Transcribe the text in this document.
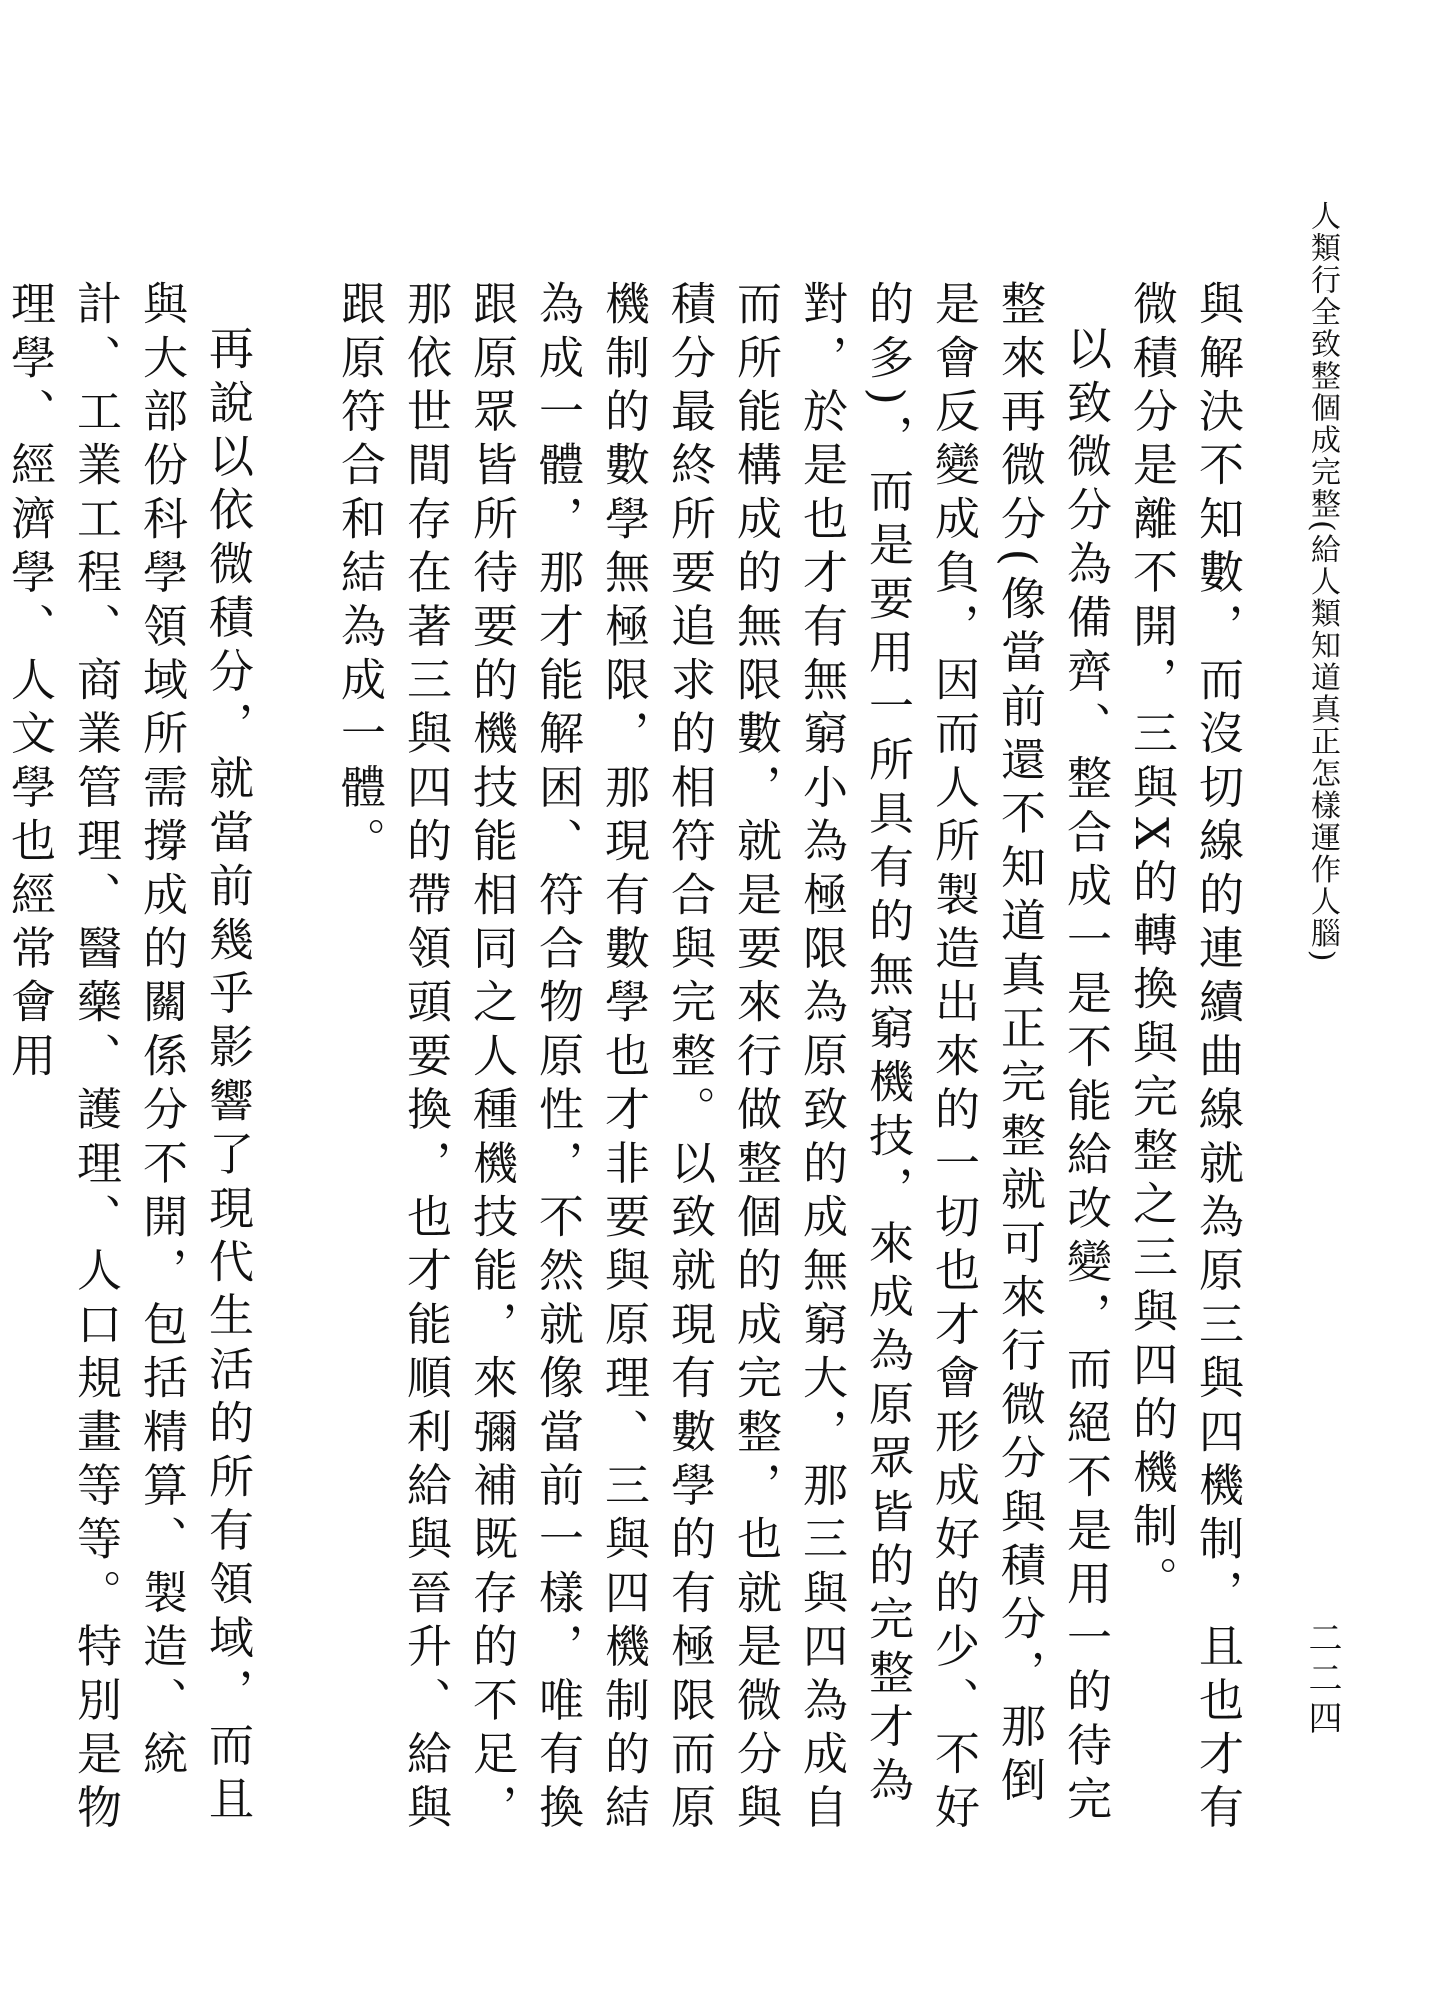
人類行全致整個成完整(給人類知道真正怎樣運作人腦)
二二四

與解決不知數，而沒切線的連續曲線就為原三與四機制，且也才有微積分是離不開，三與X的轉換與完整之三與四的機制。

以致微分為備齊、整合成一是不能給改變，而絕不是用一的待完整來再微分(像當前還不知道真正完整就可來行微分與積分，那倒是會反變成負，因而人所製造出來的一切也才會形成好的少、不好的多)，而是要用一所具有的無窮機技，來成為原眾皆的完整才為對，於是也才有無窮小為極限為原致的成無窮大，那三與四為成自而所能構成的無限數，就是要來行做整個的成完整，也就是微分與積分最終所要追求的相符合與完整。以致就現有數學的有極限而原機制的數學無極限，那現有數學也才非要與原理、三與四機制的結為成一體，那才能解困、符合物原性，不然就像當前一樣，唯有換跟原眾皆所待要的機技能相同之人種機技能，來彌補既存的不足，那依世間存在著三與四的帶領頭要換，也才能順利給與晉升、給與跟原符合和結為成一體。

再說以依微積分，就當前幾乎影響了現代生活的所有領域，而且與大部份科學領域所需撐成的關係分不開，包括精算、製造、統計、工業工程、商業管理、醫藥、護理、人口規畫等等。特別是物理學、經濟學、人文學也經常會用
